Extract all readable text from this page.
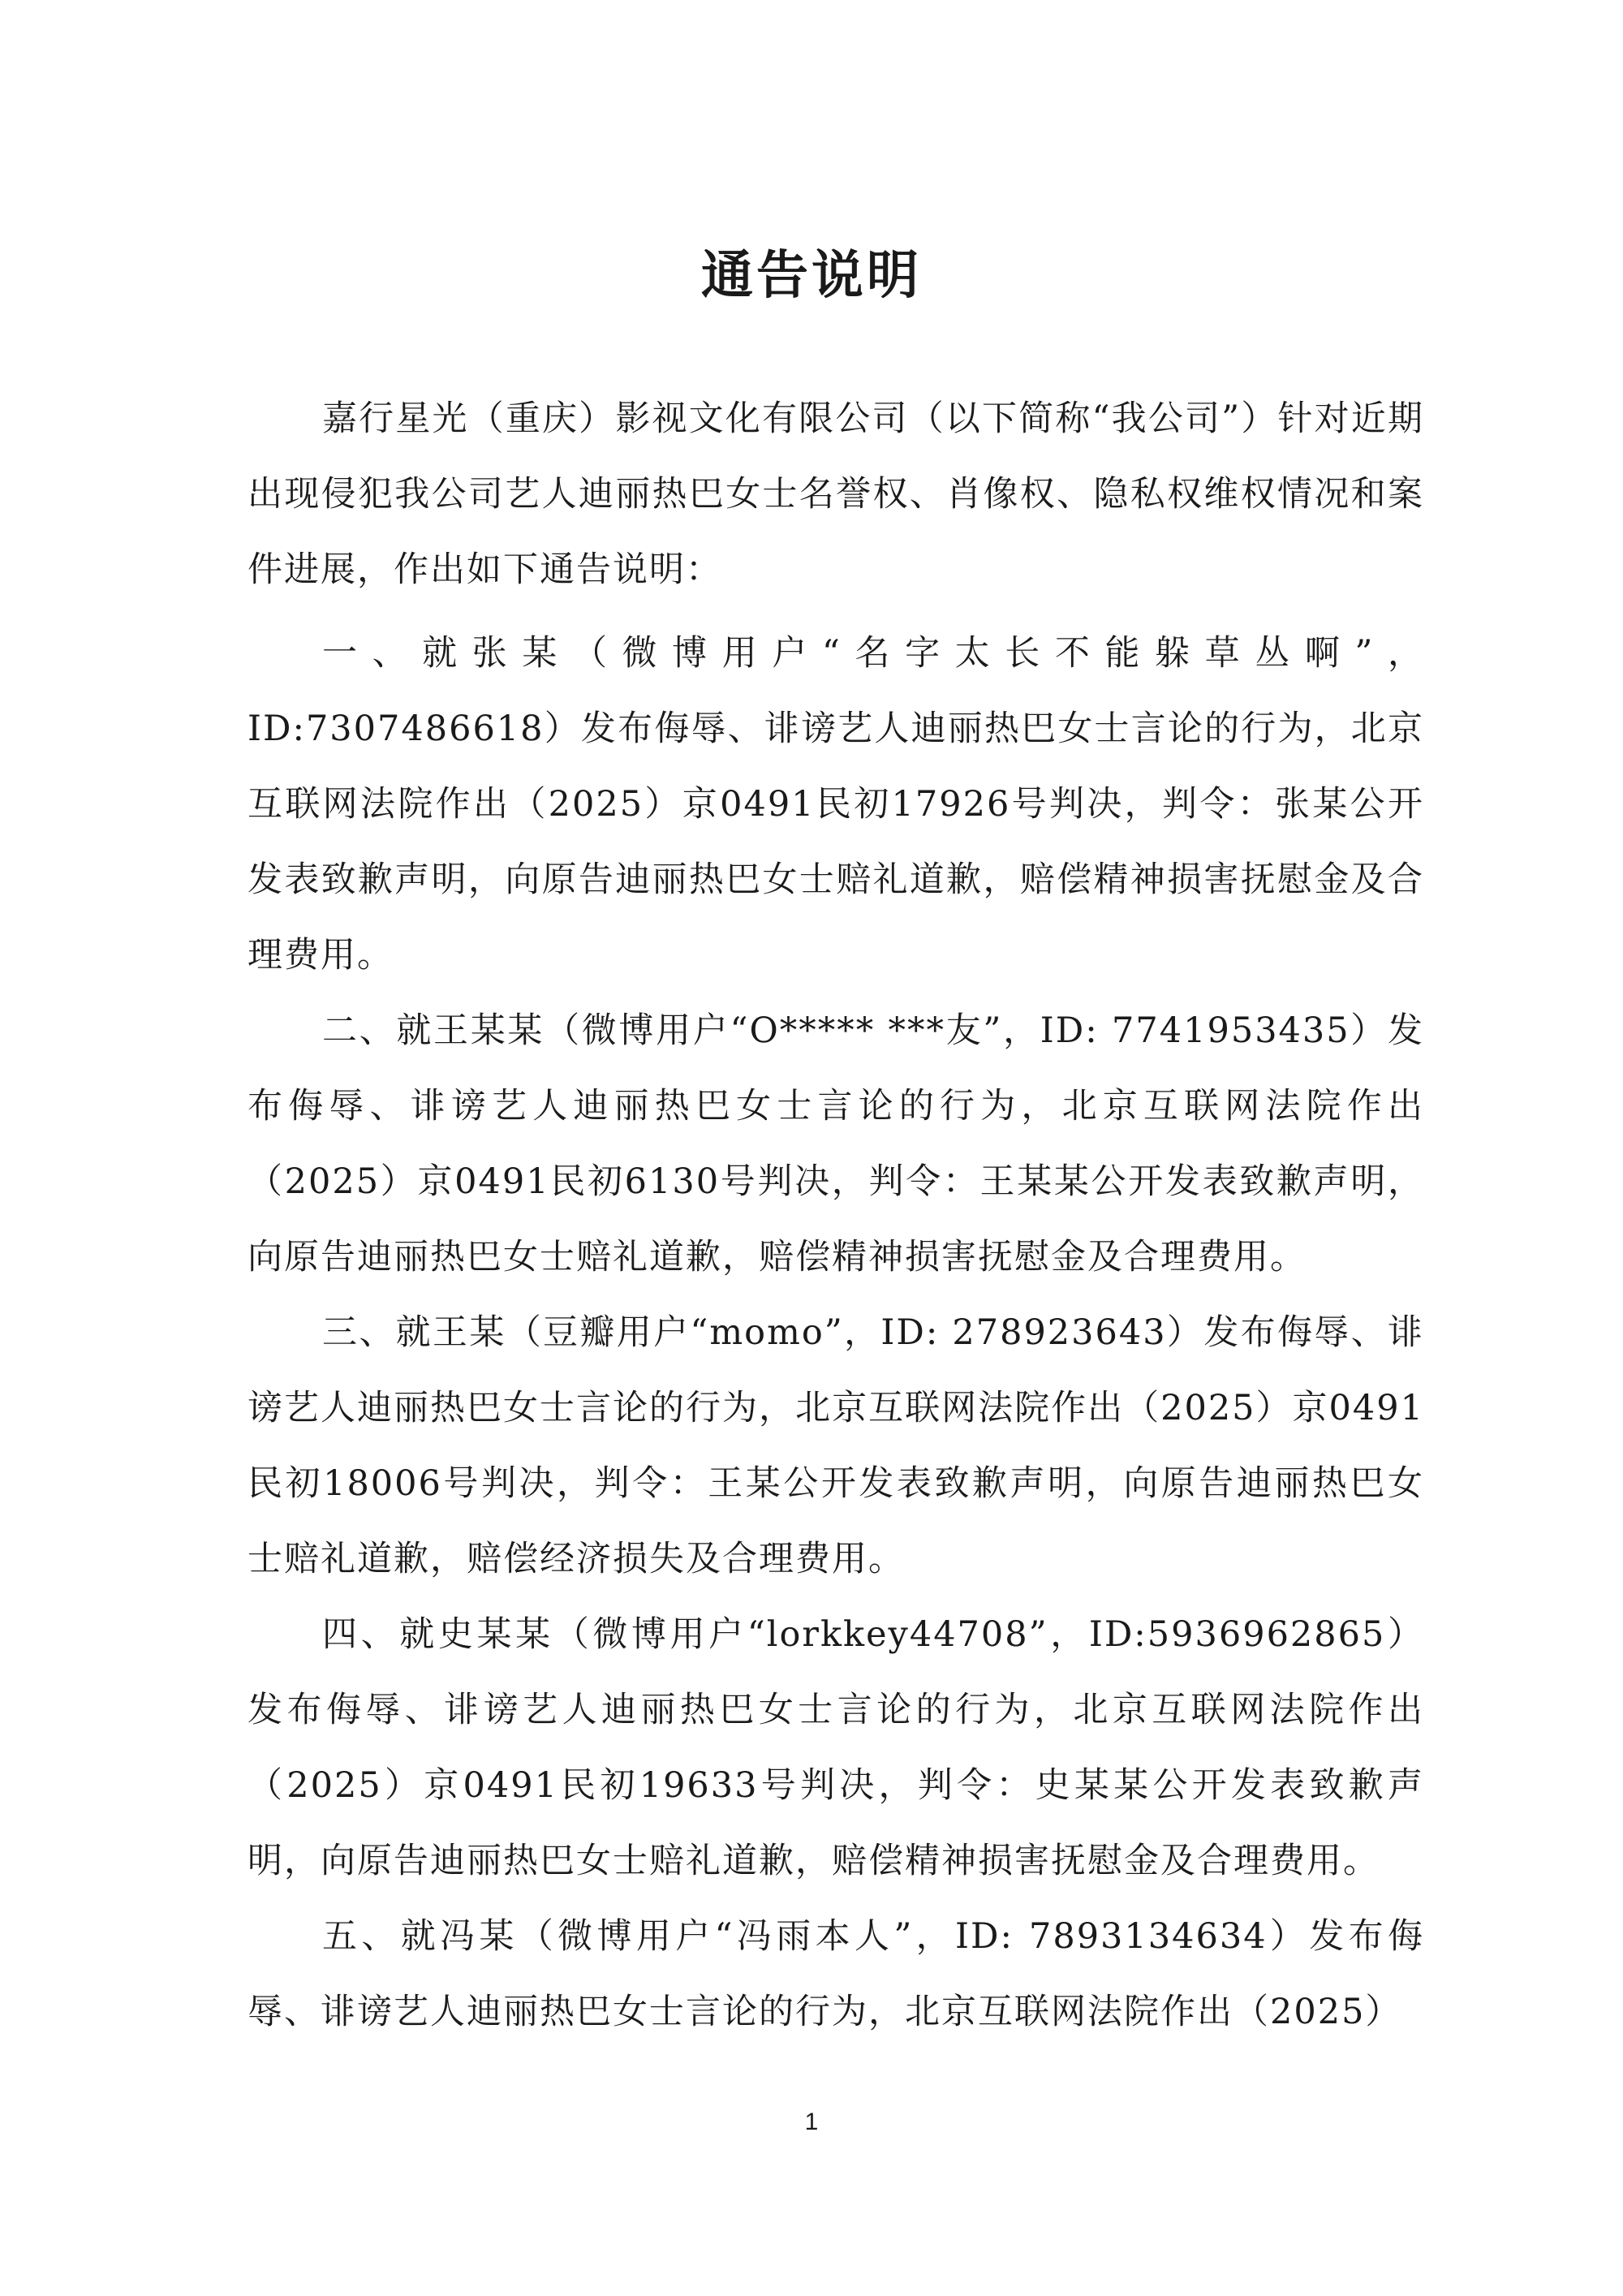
通告说明

嘉行星光（重庆）影视文化有限公司（以下简称“我公司”）针对近期出现侵犯我公司艺人迪丽热巴女士名誉权、肖像权、隐私权维权情况和案件进展，作出如下通告说明：

一、就张某（微博用户“名字太长不能躲草丛啊”，ID:7307486618）发布侮辱、诽谤艺人迪丽热巴女士言论的行为，北京互联网法院作出（2025）京0491民初17926号判决，判令：张某公开发表致歉声明，向原告迪丽热巴女士赔礼道歉，赔偿精神损害抚慰金及合理费用。

二、就王某某（微博用户“O***** ***友”，ID: 7741953435）发布侮辱、诽谤艺人迪丽热巴女士言论的行为，北京互联网法院作出（2025）京0491民初6130号判决，判令：王某某公开发表致歉声明，向原告迪丽热巴女士赔礼道歉，赔偿精神损害抚慰金及合理费用。

三、就王某（豆瓣用户“momo”，ID: 278923643）发布侮辱、诽谤艺人迪丽热巴女士言论的行为，北京互联网法院作出（2025）京0491民初18006号判决，判令：王某公开发表致歉声明，向原告迪丽热巴女士赔礼道歉，赔偿经济损失及合理费用。

四、就史某某（微博用户“lorkkey44708”，ID:5936962865）发布侮辱、诽谤艺人迪丽热巴女士言论的行为，北京互联网法院作出（2025）京0491民初19633号判决，判令：史某某公开发表致歉声明，向原告迪丽热巴女士赔礼道歉，赔偿精神损害抚慰金及合理费用。

五、就冯某（微博用户“冯雨本人”，ID: 7893134634）发布侮辱、诽谤艺人迪丽热巴女士言论的行为，北京互联网法院作出（2025）

1
